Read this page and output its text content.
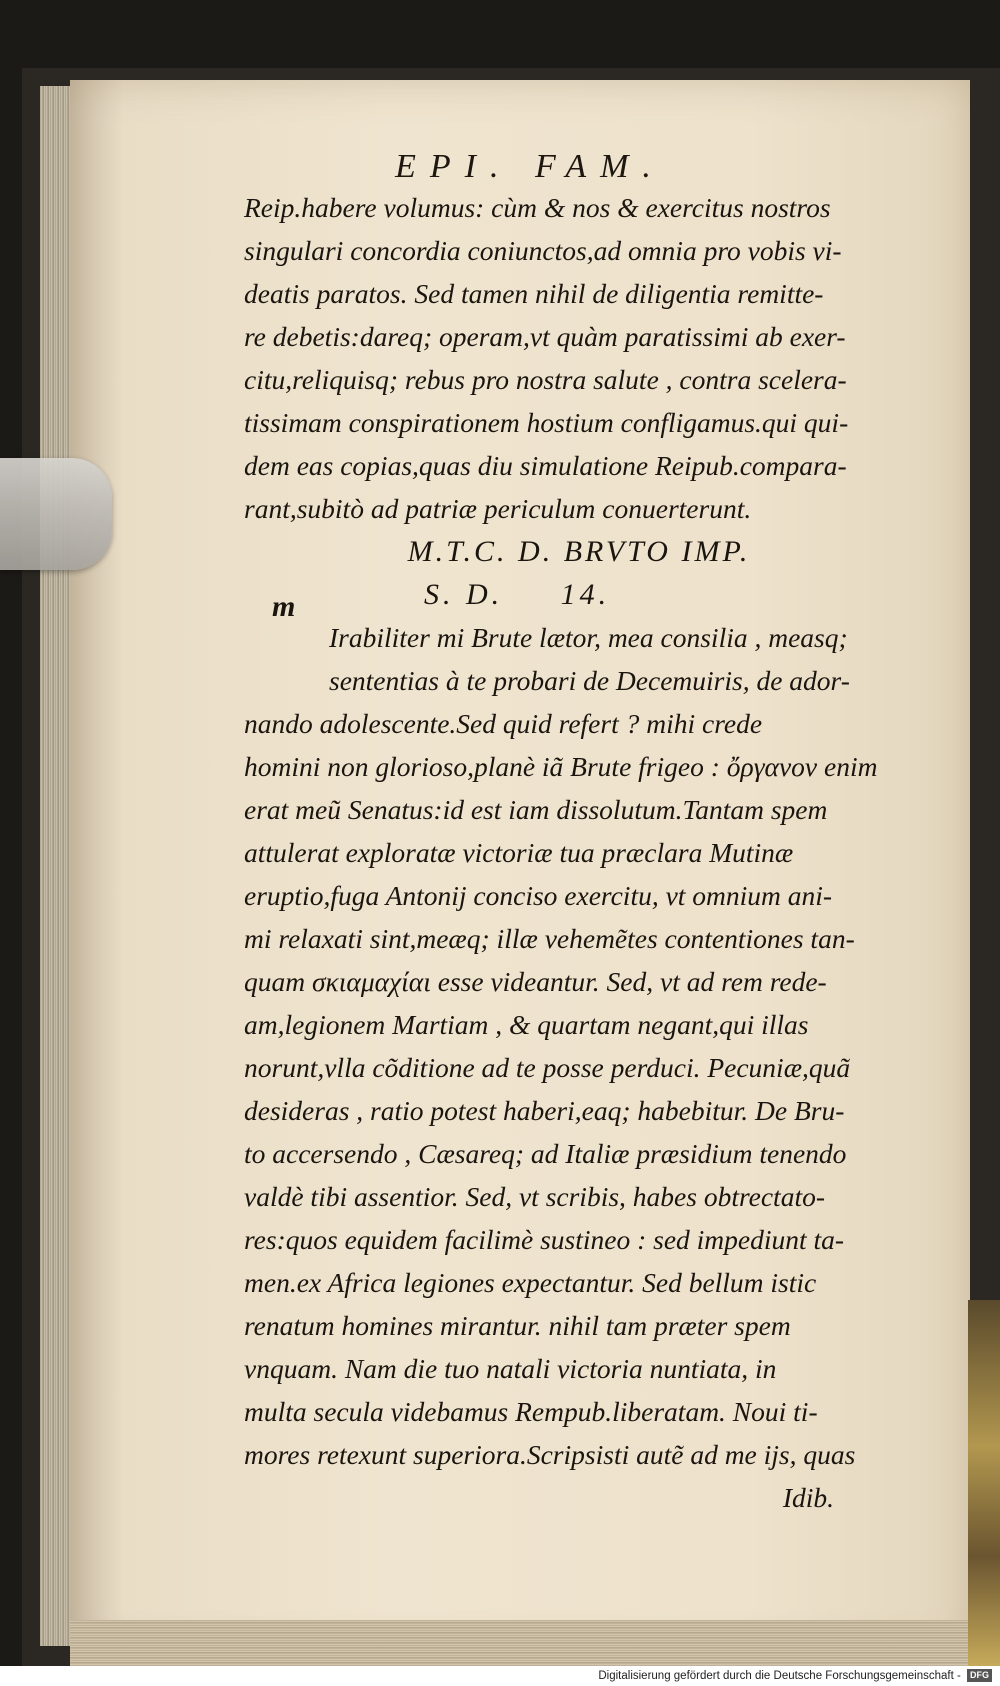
EPI. FAM.
Reip.habere volumus: cùm & nos & exercitus nostros
singulari concordia coniunctos,ad omnia pro vobis vi-
deatis paratos. Sed tamen nihil de diligentia remitte-
re debetis:dareq; operam,vt quàm paratissimi ab exer-
citu,reliquisq; rebus pro nostra salute , contra scelera-
tissimam conspirationem hostium confligamus.qui qui-
dem eas copias,quas diu simulatione Reipub.compara-
rant,subitò ad patriæ periculum conuerterunt.
M.T.C. D. BRVTO IMP.
S. D.     14.
Irabiliter mi Brute lætor, mea consilia , measq;
sententias à te probari de Decemuiris, de ador-
nando adolescente.Sed quid refert ? mihi crede
homini non glorioso,planè iã Brute frigeo : ὄργανον enim
erat meũ Senatus:id est iam dissolutum.Tantam spem
attulerat exploratæ victoriæ tua præclara Mutinæ
eruptio,fuga Antonij conciso exercitu, vt omnium ani-
mi relaxati sint,meæq; illæ vehemẽtes contentiones tan-
quam σκιαμαχίαι esse videantur. Sed, vt ad rem rede-
am,legionem Martiam , & quartam negant,qui illas
norunt,vlla cõditione ad te posse perduci. Pecuniæ,quã
desideras , ratio potest haberi,eaq; habebitur. De Bru-
to accersendo , Cæsareq; ad Italiæ præsidium tenendo
valdè tibi assentior. Sed, vt scribis, habes obtrectato-
res:quos equidem facilimè sustineo : sed impediunt ta-
men.ex Africa legiones expectantur. Sed bellum istic
renatum homines mirantur. nihil tam præter spem
vnquam. Nam die tuo natali victoria nuntiata, in
multa secula videbamus Rempub.liberatam. Noui ti-
mores retexunt superiora.Scripsisti autẽ ad me ijs, quas
Idib.
m
Digitalisierung gefördert durch die Deutsche Forschungsgemeinschaft - DFG
